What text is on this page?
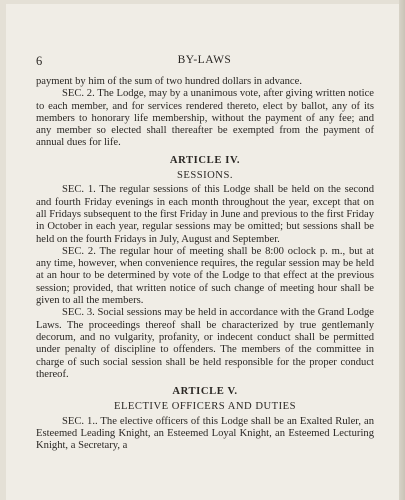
6	BY-LAWS

payment by him of the sum of two hundred dollars in advance.

SEC. 2. The Lodge, may by a unanimous vote, after giving written notice to each member, and for services rendered thereto, elect by ballot, any of its members to honorary life membership, without the payment of any fee; and any member so elected shall thereafter be exempted from the payment of annual dues for life.

ARTICLE IV.

SESSIONS.

SEC. 1. The regular sessions of this Lodge shall be held on the second and fourth Friday evenings in each month throughout the year, except that on all Fridays subsequent to the first Friday in June and previous to the first Friday in October in each year, regular sessions may be omitted; but sessions shall be held on the fourth Fridays in July, August and September.

SEC. 2. The regular hour of meeting shall be 8:00 oclock p. m., but at any time, however, when convenience requires, the regular session may be held at an hour to be determined by vote of the Lodge to that effect at the previous session; provided, that written notice of such change of meeting hour shall be given to all the members.

SEC. 3. Social sessions may be held in accordance with the Grand Lodge Laws. The proceedings thereof shall be characterized by true gentlemanly decorum, and no vulgarity, profanity, or indecent conduct shall be permitted under penalty of discipline to offenders. The members of the committee in charge of such social session shall be held responsible for the proper conduct thereof.

ARTICLE V.

ELECTIVE OFFICERS AND DUTIES

SEC. 1.. The elective officers of this Lodge shall be an Exalted Ruler, an Esteemed Leading Knight, an Esteemed Loyal Knight, an Esteemed Lecturing Knight, a Secretary, a
